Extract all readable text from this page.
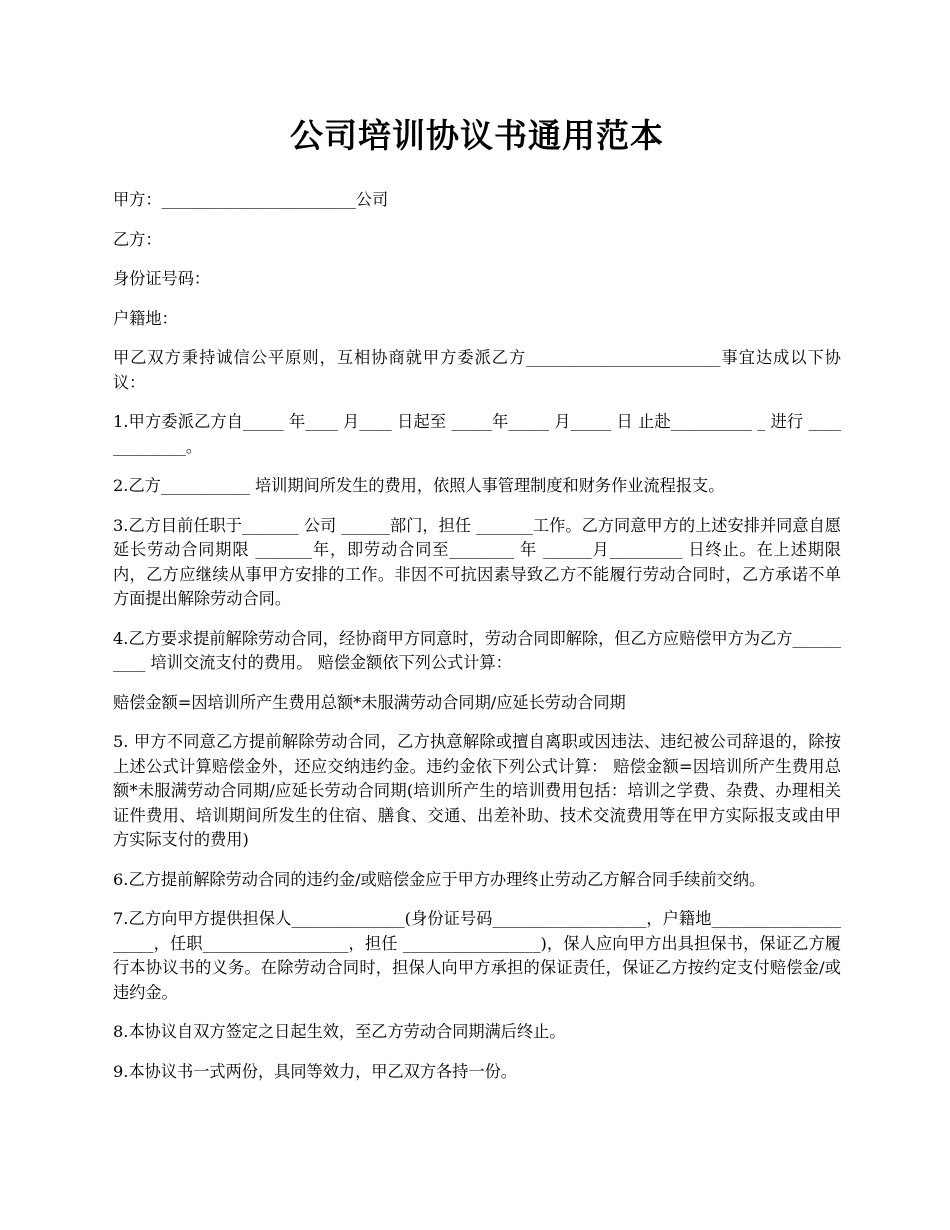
公司培训协议书通用范本

甲方：________________________公司

乙方：

身份证号码：

户籍地：

甲乙双方秉持诚信公平原则，互相协商就甲方委派乙方________________________事宜达成以下协议：

1.甲方委派乙方自_____ 年____ 月____ 日起至 _____年_____ 月_____ 日 止赴__________ _ 进行 _____________。

2.乙方___________ 培训期间所发生的费用，依照人事管理制度和财务作业流程报支。

3.乙方目前任职于_______ 公司 ______部门，担任 _______工作。乙方同意甲方的上述安排并同意自愿延长劳动合同期限 _______年，即劳动合同至________ 年 ______月_________ 日终止。在上述期限内，乙方应继续从事甲方安排的工作。非因不可抗因素导致乙方不能履行劳动合同时，乙方承诺不单方面提出解除劳动合同。

4.乙方要求提前解除劳动合同，经协商甲方同意时，劳动合同即解除，但乙方应赔偿甲方为乙方__________ 培训交流支付的费用。 赔偿金额依下列公式计算：

赔偿金额=因培训所产生费用总额*未服满劳动合同期/应延长劳动合同期

5. 甲方不同意乙方提前解除劳动合同，乙方执意解除或擅自离职或因违法、违纪被公司辞退的，除按上述公式计算赔偿金外，还应交纳违约金。违约金依下列公式计算： 赔偿金额=因培训所产生费用总额*未服满劳动合同期/应延长劳动合同期(培训所产生的培训费用包括：培训之学费、杂费、办理相关证件费用、培训期间所发生的住宿、膳食、交通、出差补助、技术交流费用等在甲方实际报支或由甲方实际支付的费用)

6.乙方提前解除劳动合同的违约金/或赔偿金应于甲方办理终止劳动乙方解合同手续前交纳。

7.乙方向甲方提供担保人______________(身份证号码___________________，户籍地_____________________，任职__________________，担任 _________________)，保人应向甲方出具担保书，保证乙方履行本协议书的义务。在除劳动合同时，担保人向甲方承担的保证责任，保证乙方按约定支付赔偿金/或违约金。

8.本协议自双方签定之日起生效，至乙方劳动合同期满后终止。

9.本协议书一式两份，具同等效力，甲乙双方各持一份。
